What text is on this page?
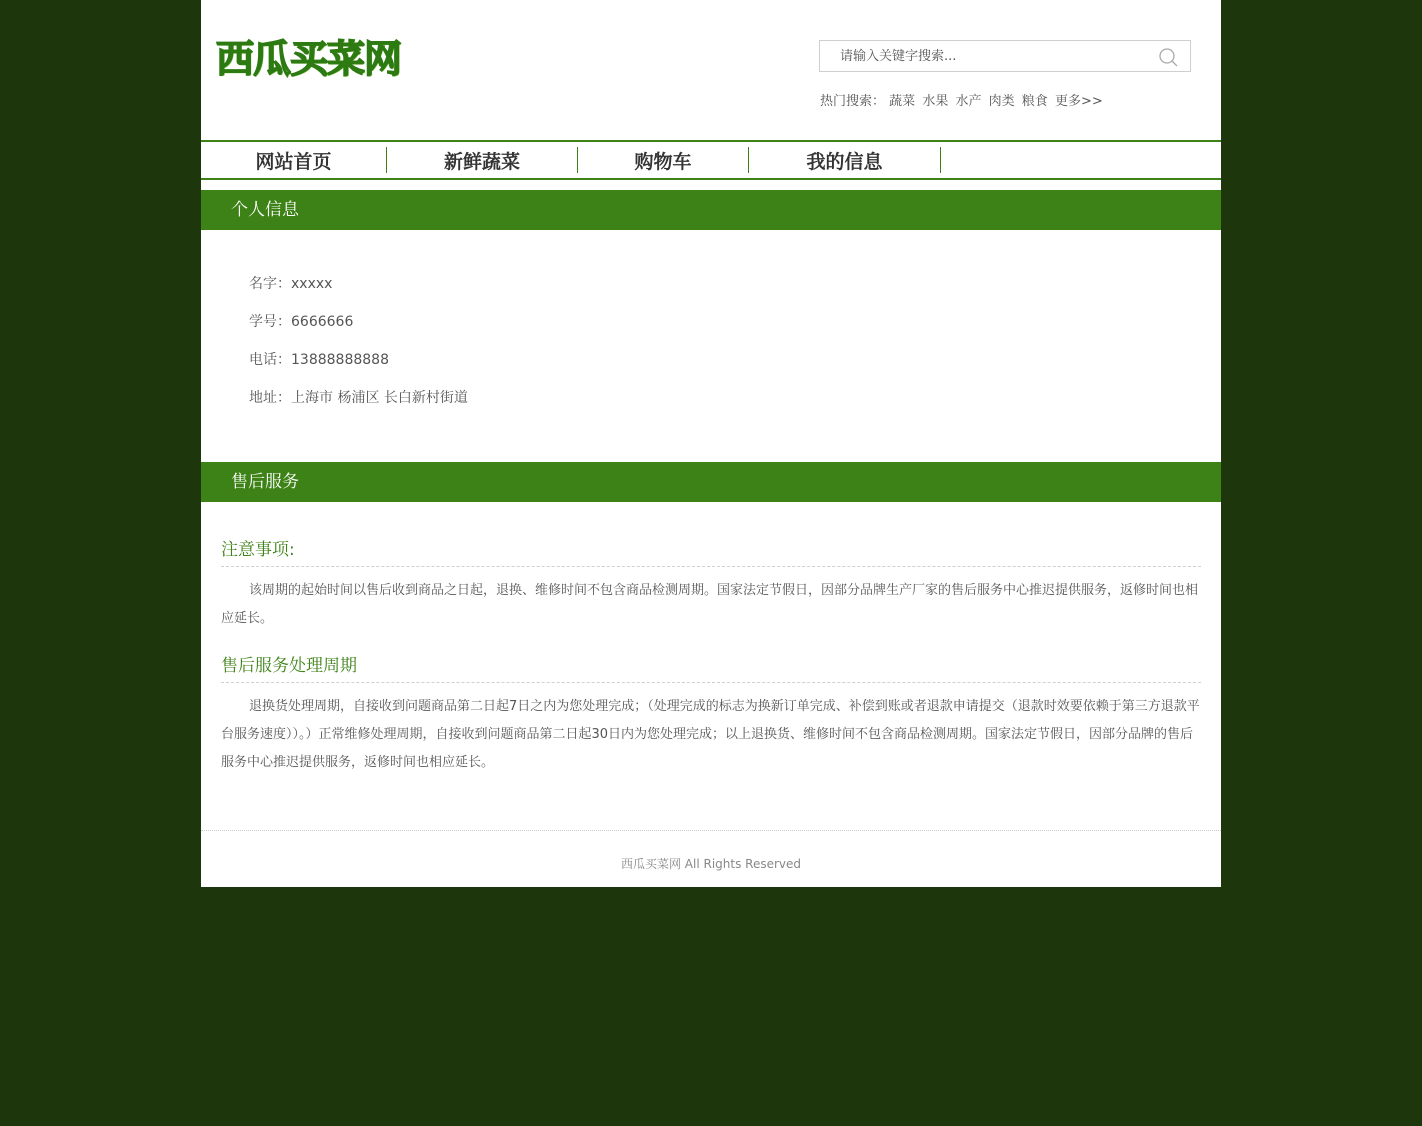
西瓜买菜网
请输入关键字搜索...
热门搜索： 蔬菜 水果 水产 肉类 粮食 更多>>
网站首页	新鲜蔬菜	购物车	我的信息
个人信息
名字：xxxxx
学号：6666666
电话：13888888888
地址：上海市 杨浦区 长白新村街道
售后服务
注意事项:

该周期的起始时间以售后收到商品之日起，退换、维修时间不包含商品检测周期。国家法定节假日，因部分品牌生产厂家的售后服务中心推迟提供服务，返修时间也相应延长。

售后服务处理周期

退换货处理周期，自接收到问题商品第二日起7日之内为您处理完成；（处理完成的标志为换新订单完成、补偿到账或者退款申请提交（退款时效要依赖于第三方退款平台服务速度））。）正常维修处理周期，自接收到问题商品第二日起30日内为您处理完成；以上退换货、维修时间不包含商品检测周期。国家法定节假日，因部分品牌的售后服务中心推迟提供服务，返修时间也相应延长。

西瓜买菜网 All Rights Reserved
